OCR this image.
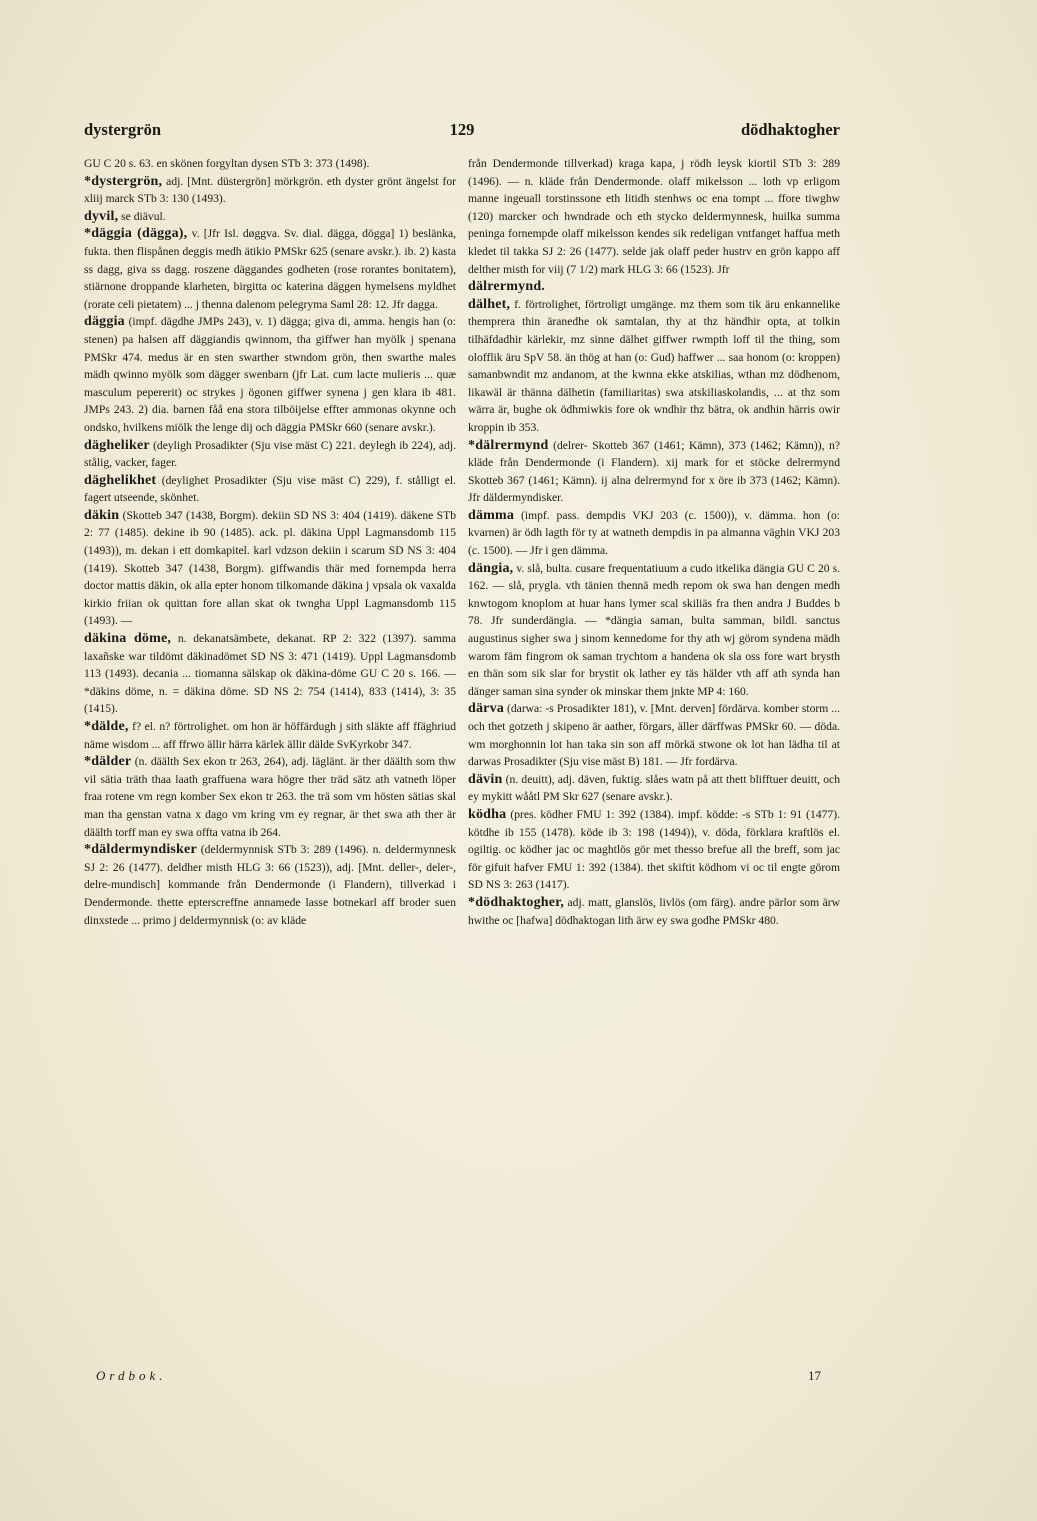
dystergrön	129	dödhaktogher

GU C 20 s. 63. en skönen forgyltan dysen STb 3: 373 (1498).

*dystergrön, adj. [Mnt. düstergrön] mörkgrön. eth dyster grönt ängelst for xliij marck STb 3: 130 (1493).

dyvil, se diävul.

*däggia (dägga), v. [Jfr Isl. døggva. Sv. dial. dägga, dögga] 1) beslänka, fukta. then flispånen deggis medh ätikio PMSkr 625 (senare avskr.). ib. 2) kasta ss dagg, giva ss dagg. roszene däggandes godheten (rose rorantes bonitatem), stiärnone droppande klarheten, birgitta oc katerina däggen hymelsens myldhet (rorate celi pietatem) ... j thenna dalenom pelegryma Saml 28: 12. Jfr dagga.

däggia (impf. dägdhe JMPs 243), v. 1) dägga; giva di, amma. hengis han (o: stenen) pa halsen aff däggiandis qwinnom, tha giffwer han myölk j spenana PMSkr 474. medus är en sten swarther stwndom grön, then swarthe males mädh qwinno myölk som dägger swenbarn (jfr Lat. cum lacte mulieris ... quæ masculum pepererit) oc strykes j ögonen giffwer synena j gen klara ib 481. JMPs 243. 2) dia. barnen fåå ena stora tilböijelse effter ammonas okynne och ondsko, hvilkens miölk the lenge dij och däggia PMSkr 660 (senare avskr.).

dägheliker (deyligh Prosadikter (Sju vise mäst C) 221. deylegh ib 224), adj. stålig, vacker, fager.

däghelikhet (deylighet Prosadikter (Sju vise mäst C) 229), f. stålligt el. fagert utseende, skönhet.

däkin (Skotteb 347 (1438, Borgm). dekiin SD NS 3: 404 (1419). däkene STb 2: 77 (1485). dekine ib 90 (1485). ack. pl. däkina Uppl Lagmansdomb 115 (1493)), m. dekan i ett domkapitel. karl vdzson dekiin i scarum SD NS 3: 404 (1419). Skotteb 347 (1438, Borgm). giffwandis thär med fornempda herra doctor mattis däkin, ok alla epter honom tilkomande däkina j vpsala ok vaxalda kirkio friian ok quittan fore allan skat ok twngha Uppl Lagmansdomb 115 (1493). —

däkina döme, n. dekanatsämbete, dekanat. RP 2: 322 (1397). samma laxañske war tildömt däkinadömet SD NS 3: 471 (1419). Uppl Lagmansdomb 113 (1493). decania ... tiomanna sälskap ok däkina-döme GU C 20 s. 166. — *däkins döme, n. = däkina döme. SD NS 2: 754 (1414), 833 (1414), 3: 35 (1415).

*dälde, f? el. n? förtrolighet. om hon är höffärdugh j sith släkte aff ffäghriud näme wisdom ... aff ffrwo ällir härra kärlek ällir dälde SvKyrkobr 347.

*dälder (n. däälth Sex ekon tr 263, 264), adj. läglänt. är ther däälth som thw vil sätia träth thaa laath graffuena wara högre ther träd sätz ath vatneth löper fraa rotene vm regn komber Sex ekon tr 263. the trä som vm hösten sätias skal man tha genstan vatna x dago vm kring vm ey regnar, är thet swa ath ther är däälth torff man ey swa offta vatna ib 264.

*däldermyndisker (deldermynnisk STb 3: 289 (1496). n. deldermynnesk SJ 2: 26 (1477). deldher misth HLG 3: 66 (1523)), adj. [Mnt. deller-, deler-, delre-mundisch] kommande från Dendermonde (i Flandern), tillverkad i Dendermonde. thette epterscreffne annamede lasse botnekarl aff broder suen dinxstede ... primo j deldermynnisk (o: av kläde

från Dendermonde tillverkad) kraga kapa, j rödh leysk kiortil STb 3: 289 (1496). — n. kläde från Dendermonde. olaff mikelsson ... loth vp erligom manne ingeuall torstinssone eth litidh stenhws oc ena tompt ... ffore tiwghw (120) marcker och hwndrade och eth stycko deldermynnesk, huilka summa peninga fornempde olaff mikelsson kendes sik redeligan vntfanget haffua meth kledet til takka SJ 2: 26 (1477). selde jak olaff peder hustrv en grön kappo aff delther misth for viij (7 1/2) mark HLG 3: 66 (1523). Jfr

dälrermynd.

dälhet, f. förtrolighet, förtroligt umgänge. mz them som tik äru enkannelike themprera thin äranedhe ok samtalan, thy at thz händhir opta, at tolkin tilhäfdadhir kärlekir, mz sinne dälhet giffwer rwmpth loff til the thing, som olofflik äru SpV 58. än thög at han (o: Gud) haffwer ... saa honom (o: kroppen) samanbwndit mz andanom, at the kwnna ekke atskilias, wthan mz dödhenom, likawäl är thänna dälhetin (familiaritas) swa atskiliaskolandis, ... at thz som wärra är, bughe ok ödhmiwkis fore ok wndhir thz bätra, ok andhin härris owir kroppin ib 353.

*dälrermynd (delrer- Skotteb 367 (1461; Kämn), 373 (1462; Kämn)), n? kläde från Dendermonde (i Flandern). xij mark for et stöcke delrermynd Skotteb 367 (1461; Kämn). ij alna delrermynd for x öre ib 373 (1462; Kämn). Jfr däldermyndisker.

dämma (impf. pass. dempdis VKJ 203 (c. 1500)), v. dämma. hon (o: kvarnen) är ödh lagth för ty at watneth dempdis in pa almanna väghin VKJ 203 (c. 1500). — Jfr i gen dämma.

dängia, v. slå, bulta. cusare frequentatiuum a cudo itkelika dängia GU C 20 s. 162. — slå, prygla. vth tänien thennä medh repom ok swa han dengen medh knwtogom knoplom at huar hans lymer scal skiliäs fra then andra J Buddes b 78. Jfr sunderdängia. — *dängia saman, bulta samman, bildl. sanctus augustinus sigher swa j sinom kennedome for thy ath wj görom syndena mädh warom fäm fingrom ok saman trychtom a handena ok sla oss fore wart brysth en thän som sik slar for brystit ok lather ey täs hälder vth aff ath synda han dänger saman sina synder ok minskar them jnkte MP 4: 160.

därva (darwa: -s Prosadikter 181), v. [Mnt. derven] fördärva. komber storm ... och thet gotzeth j skipeno är aather, förgars, äller därffwas PMSkr 60. — döda. wm morghonnin lot han taka sin son aff mörkä stwone ok lot han lädha til at darwas Prosadikter (Sju vise mäst B) 181. — Jfr fordärva.

dävin (n. deuitt), adj. däven, fuktig. slåes watn på att thett blifftuer deuitt, och ey mykitt wååtl PM Skr 627 (senare avskr.).

ködha (pres. ködher FMU 1: 392 (1384). impf. ködde: -s STb 1: 91 (1477). kötdhe ib 155 (1478). köde ib 3: 198 (1494)), v. döda, förklara kraftlös el. ogiltig. oc ködher jac oc maghtlös gör met thesso brefue all the breff, som jac för gifuit hafver FMU 1: 392 (1384). thet skiftit ködhom vi oc til engte görom SD NS 3: 263 (1417).

*dödhaktogher, adj. matt, glanslös, livlös (om färg). andre pärlor som ärw hwithe oc [hafwa] dödhaktogan lith ärw ey swa godhe PMSkr 480.

Ordbok.	17
